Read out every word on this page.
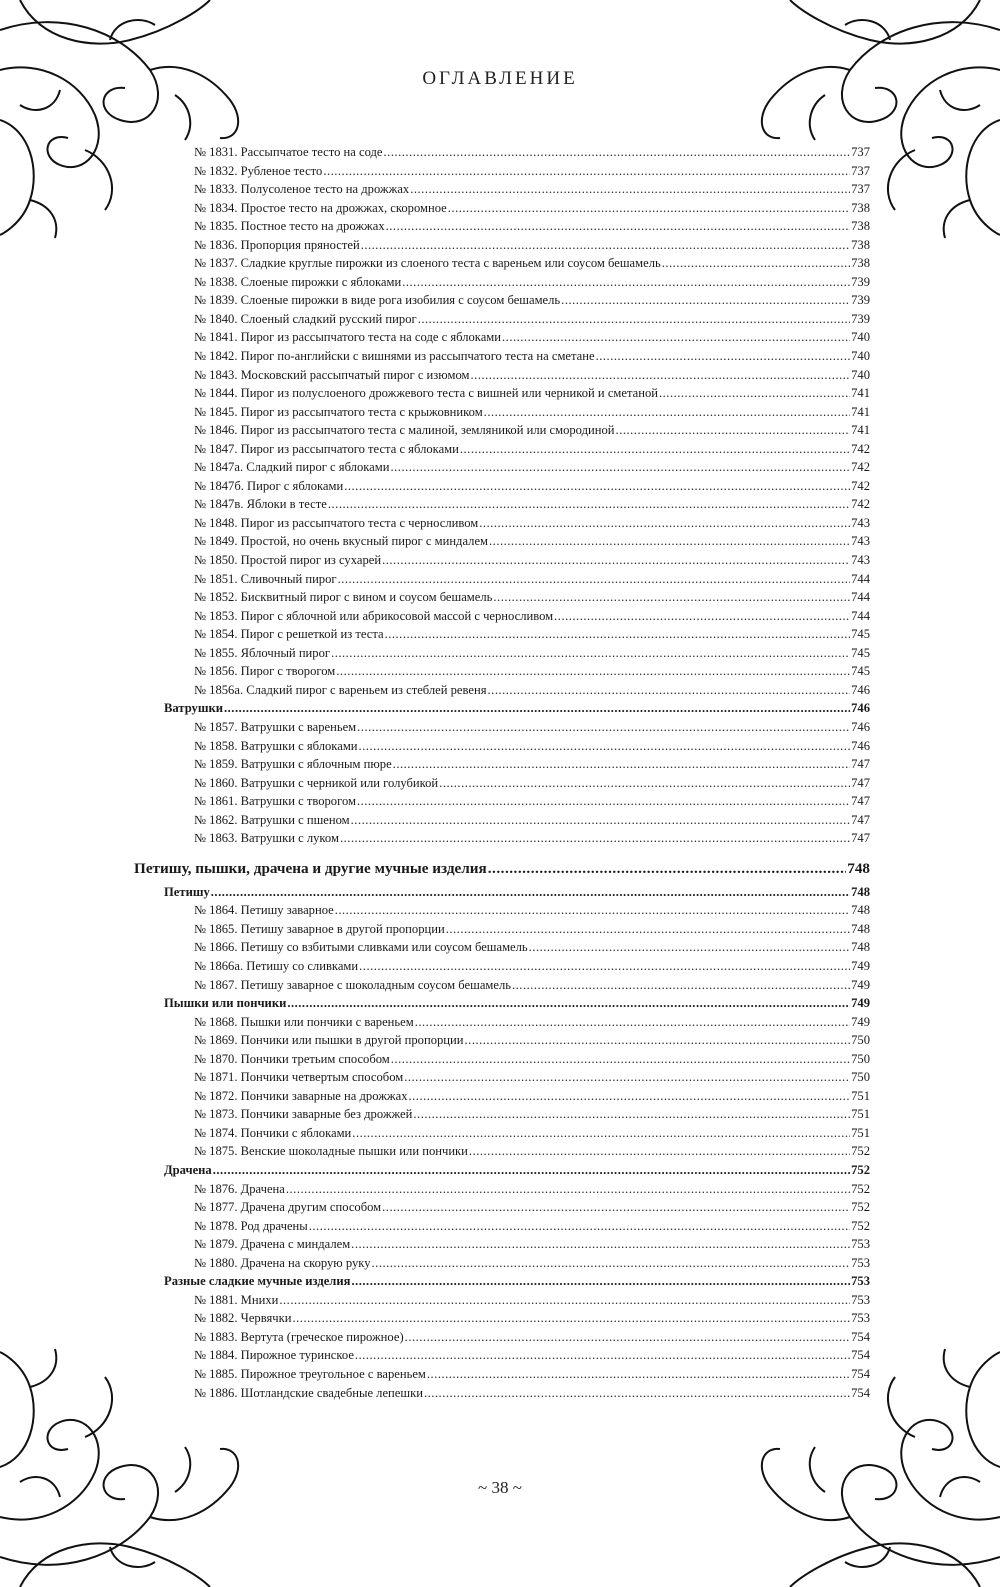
ОГЛАВЛЕНИЕ
№ 1831. Рассыпчатое тесто на соде .....	737
№ 1832. Рубленое тесто .....	737
№ 1833. Полусоленое тесто на дрожжах .....	737
№ 1834. Простое тесто на дрожжах, скоромное .....	738
№ 1835. Постное тесто на дрожжах .....	738
№ 1836. Пропорция пряностей .....	738
№ 1837. Сладкие круглые пирожки из слоеного теста с вареньем или соусом бешамель .....	738
№ 1838. Слоеные пирожки с яблоками .....	739
№ 1839. Слоеные пирожки в виде рога изобилия с соусом бешамель .....	739
№ 1840. Слоеный сладкий русский пирог .....	739
№ 1841. Пирог из рассыпчатого теста на соде с яблоками .....	740
№ 1842. Пирог по-английски с вишнями из рассыпчатого теста на сметане .....	740
№ 1843. Московский рассыпчатый пирог с изюмом .....	740
№ 1844. Пирог из полуслоеного дрожжевого теста с вишней или черникой и сметаной .....	741
№ 1845. Пирог из рассыпчатого теста с крыжовником .....	741
№ 1846. Пирог из рассыпчатого теста с малиной, земляникой или смородиной .....	741
№ 1847. Пирог из рассыпчатого теста с яблоками .....	742
№ 1847а. Сладкий пирог с яблоками .....	742
№ 1847б. Пирог с яблоками .....	742
№ 1847в. Яблоки в тесте .....	742
№ 1848. Пирог из рассыпчатого теста с черносливом .....	743
№ 1849. Простой, но очень вкусный пирог с миндалем .....	743
№ 1850. Простой пирог из сухарей .....	743
№ 1851. Сливочный пирог .....	744
№ 1852. Бисквитный пирог с вином и соусом бешамель .....	744
№ 1853. Пирог с яблочной или абрикосовой массой с черносливом .....	744
№ 1854. Пирог с решеткой из теста .....	745
№ 1855. Яблочный пирог .....	745
№ 1856. Пирог с творогом .....	745
№ 1856а. Сладкий пирог с вареньем из стеблей ревеня .....	746
Ватрушки .....	746
№ 1857. Ватрушки с вареньем .....	746
№ 1858. Ватрушки с яблоками .....	746
№ 1859. Ватрушки с яблочным пюре .....	747
№ 1860. Ватрушки с черникой или голубикой .....	747
№ 1861. Ватрушки с творогом .....	747
№ 1862. Ватрушки с пшеном .....	747
№ 1863. Ватрушки с луком .....	747
Петишу, пышки, драчена и другие мучные изделия .....	748
Петишу .....	748
№ 1864. Петишу заварное .....	748
№ 1865. Петишу заварное в другой пропорции .....	748
№ 1866. Петишу со взбитыми сливками или соусом бешамель .....	748
№ 1866а. Петишу со сливками .....	749
№ 1867. Петишу заварное с шоколадным соусом бешамель .....	749
Пышки или пончики .....	749
№ 1868. Пышки или пончики с вареньем .....	749
№ 1869. Пончики или пышки в другой пропорции .....	750
№ 1870. Пончики третьим способом .....	750
№ 1871. Пончики четвертым способом .....	750
№ 1872. Пончики заварные на дрожжах .....	751
№ 1873. Пончики заварные без дрожжей .....	751
№ 1874. Пончики с яблоками .....	751
№ 1875. Венские шоколадные пышки или пончики .....	752
Драчена .....	752
№ 1876. Драчена .....	752
№ 1877. Драчена другим способом .....	752
№ 1878. Род драчены .....	752
№ 1879. Драчена с миндалем .....	753
№ 1880. Драчена на скорую руку .....	753
Разные сладкие мучные изделия .....	753
№ 1881. Мнихи .....	753
№ 1882. Червячки .....	753
№ 1883. Вертута (греческое пирожное) .....	754
№ 1884. Пирожное туринское .....	754
№ 1885. Пирожное треугольное с вареньем .....	754
№ 1886. Шотландские свадебные лепешки .....	754
~ 38 ~
